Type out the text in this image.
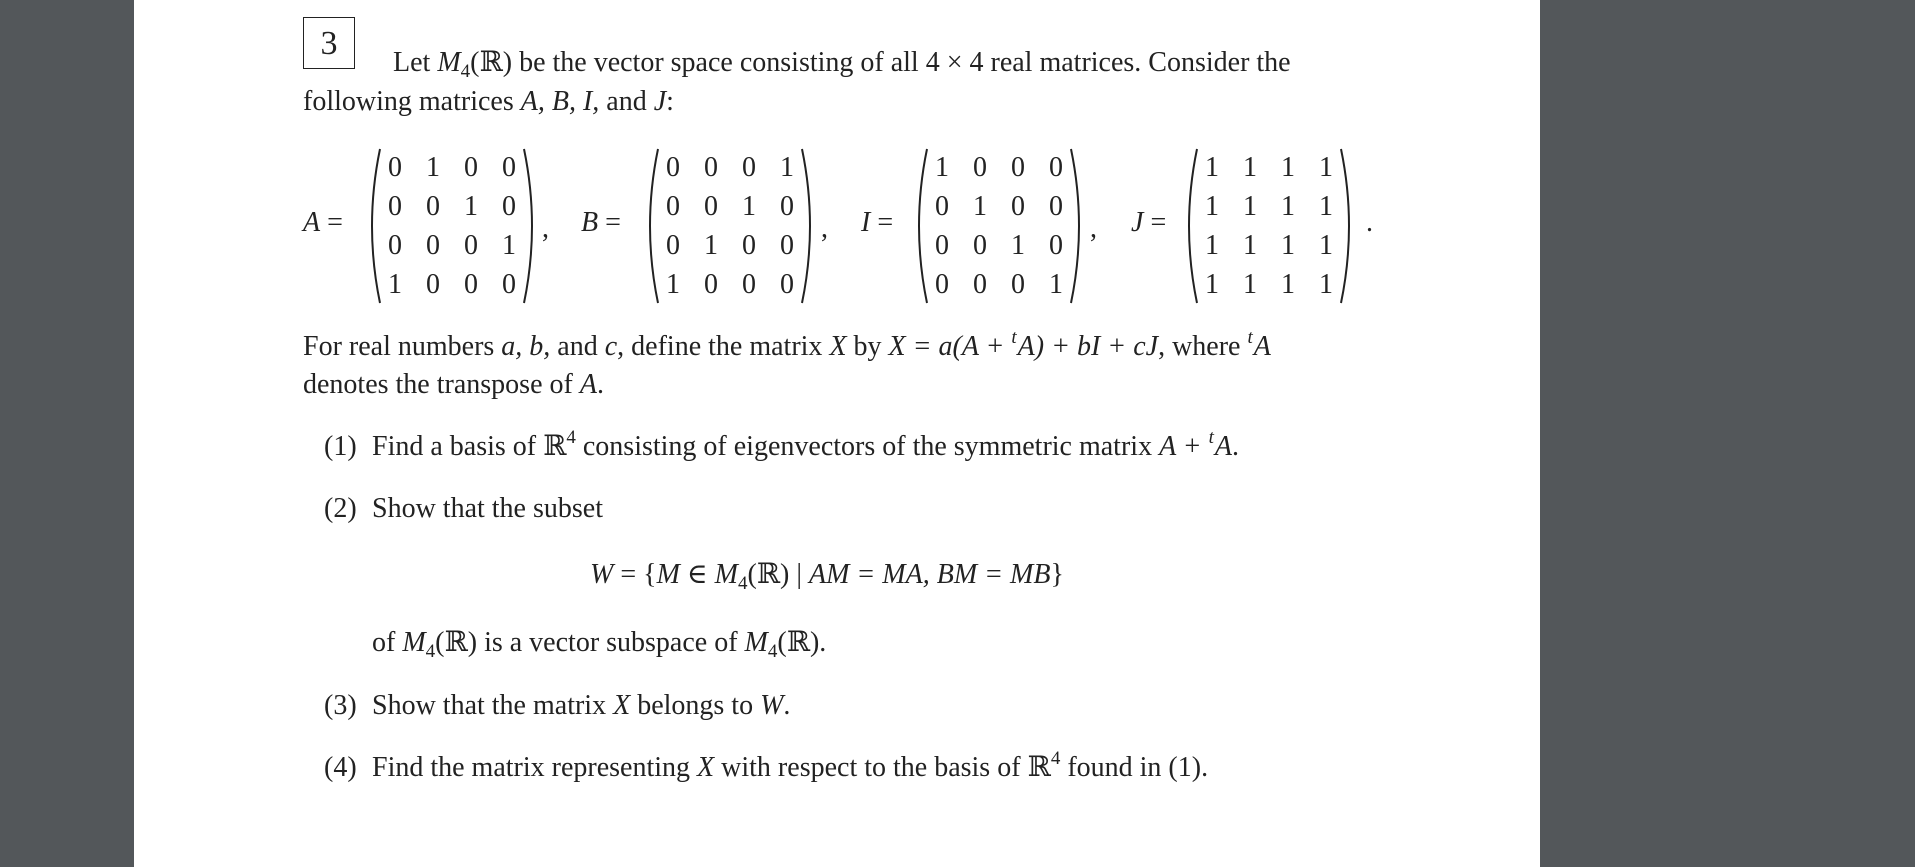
3
Let $M_4(ℝ)$ be the vector space consisting of all 4 × 4 real matrices. Consider the
following matrices A, B, I, and J:
A =
0 1 0 0
0 0 1 0
0 0 0 1
1 0 0 0
, B =
0 0 0 1
0 0 1 0
0 1 0 0
1 0 0 0
, I =
1 0 0 0
0 1 0 0
0 0 1 0
0 0 0 1
, J =
1 1 1 1
1 1 1 1
1 1 1 1
1 1 1 1
.
For real numbers a, b, and c, define the matrix X by X = a(A + $^t$A) + bI + cJ, where $^t$A
denotes the transpose of A.
(1) Find a basis of ℝ$^4$ consisting of eigenvectors of the symmetric matrix A + $^t$A.
(2) Show that the subset
W = {M ∈ $M_4(ℝ)$ | AM = MA, BM = MB}
of $M_4(ℝ)$ is a vector subspace of $M_4(ℝ)$.
(3) Show that the matrix X belongs to W.
(4) Find the matrix representing X with respect to the basis of ℝ$^4$ found in (1).
